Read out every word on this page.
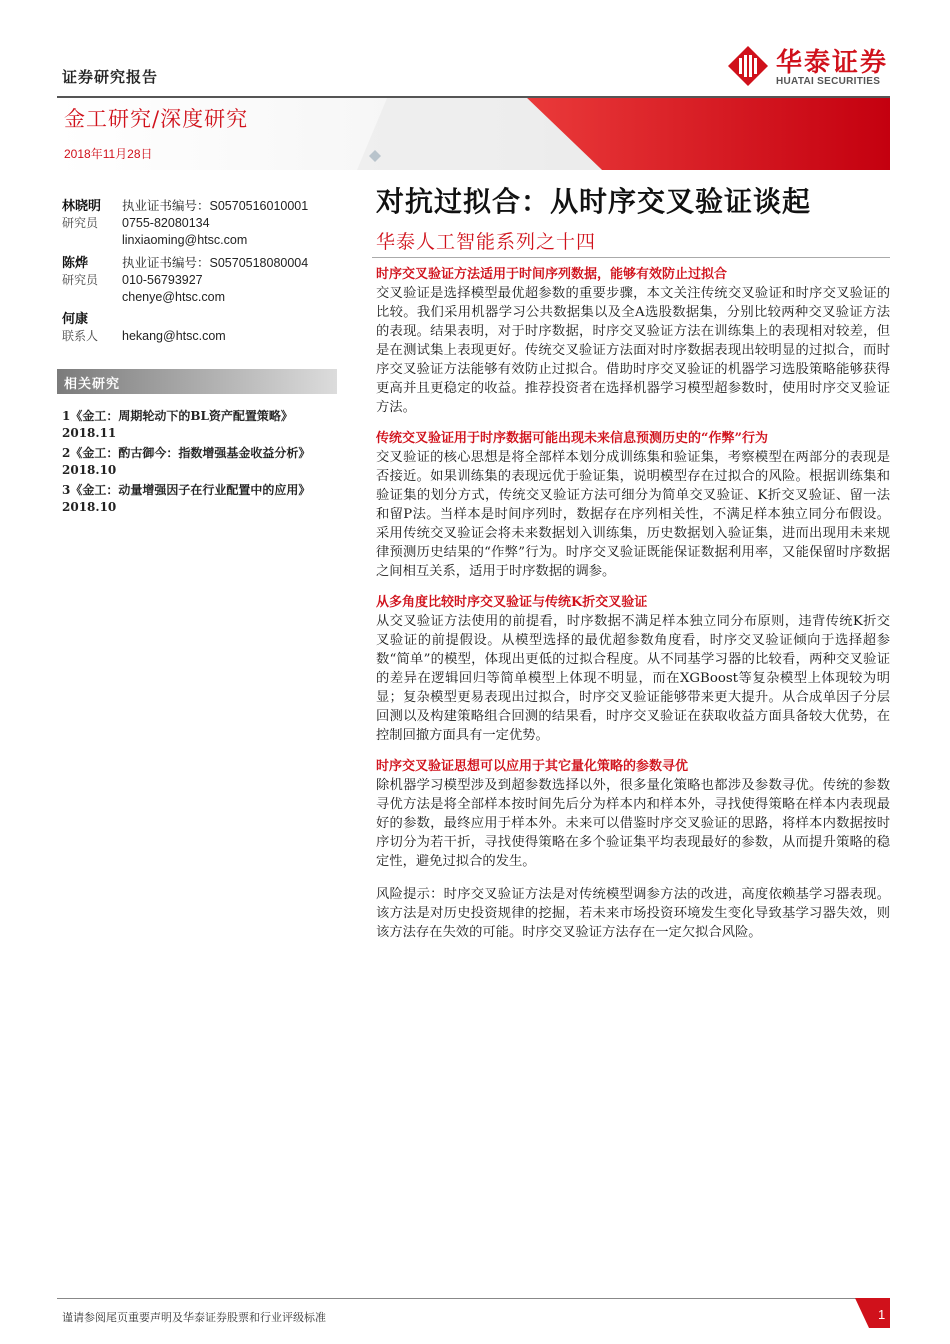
证券研究报告	华泰证券
HUATAI SECURITIES
金工研究/深度研究
2018年11月28日
对抗过拟合：从时序交叉验证谈起
华泰人工智能系列之十四
林晓明
研究员
执业证书编号：S0570516010001
0755-82080134
linxiaoming@htsc.com
陈烨
研究员
执业证书编号：S0570518080004
010-56793927
chenye@htsc.com
何康
联系人 hekang@htsc.com
相关研究
1《金工：周期轮动下的BL资产配置策略》2018.11
2《金工：酌古御今：指数增强基金收益分析》2018.10
3《金工：动量增强因子在行业配置中的应用》2018.10
时序交叉验证方法适用于时间序列数据，能够有效防止过拟合
交叉验证是选择模型最优超参数的重要步骤，本文关注传统交叉验证和时序交叉验证的比较。我们采用机器学习公共数据集以及全A选股数据集，分别比较两种交叉验证方法的表现。结果表明，对于时序数据，时序交叉验证方法在训练集上的表现相对较差，但是在测试集上表现更好。传统交叉验证方法面对时序数据表现出较明显的过拟合，而时序交叉验证方法能够有效防止过拟合。借助时序交叉验证的机器学习选股策略能够获得更高并且更稳定的收益。推荐投资者在选择机器学习模型超参数时，使用时序交叉验证方法。
传统交叉验证用于时序数据可能出现未来信息预测历史的“作弊”行为
交叉验证的核心思想是将全部样本划分成训练集和验证集，考察模型在两部分的表现是否接近。如果训练集的表现远优于验证集，说明模型存在过拟合的风险。根据训练集和验证集的划分方式，传统交叉验证方法可细分为简单交叉验证、K折交叉验证、留一法和留P法。当样本是时间序列时，数据存在序列相关性，不满足样本独立同分布假设。采用传统交叉验证会将未来数据划入训练集，历史数据划入验证集，进而出现用未来规律预测历史结果的“作弊”行为。时序交叉验证既能保证数据利用率，又能保留时序数据之间相互关系，适用于时序数据的调参。
从多角度比较时序交叉验证与传统K折交叉验证
从交叉验证方法使用的前提看，时序数据不满足样本独立同分布原则，违背传统K折交叉验证的前提假设。从模型选择的最优超参数角度看，时序交叉验证倾向于选择超参数“简单”的模型，体现出更低的过拟合程度。从不同基学习器的比较看，两种交叉验证的差异在逻辑回归等简单模型上体现不明显，而在XGBoost等复杂模型上体现较为明显；复杂模型更易表现出过拟合，时序交叉验证能够带来更大提升。从合成单因子分层回测以及构建策略组合回测的结果看，时序交叉验证在获取收益方面具备较大优势，在控制回撤方面具有一定优势。
时序交叉验证思想可以应用于其它量化策略的参数寻优
除机器学习模型涉及到超参数选择以外，很多量化策略也都涉及参数寻优。传统的参数寻优方法是将全部样本按时间先后分为样本内和样本外，寻找使得策略在样本内表现最好的参数，最终应用于样本外。未来可以借鉴时序交叉验证的思路，将样本内数据按时序切分为若干折，寻找使得策略在多个验证集平均表现最好的参数，从而提升策略的稳定性，避免过拟合的发生。
风险提示：时序交叉验证方法是对传统模型调参方法的改进，高度依赖基学习器表现。该方法是对历史投资规律的挖掘，若未来市场投资环境发生变化导致基学习器失效，则该方法存在失效的可能。时序交叉验证方法存在一定欠拟合风险。
谨请参阅尾页重要声明及华泰证券股票和行业评级标准	1
